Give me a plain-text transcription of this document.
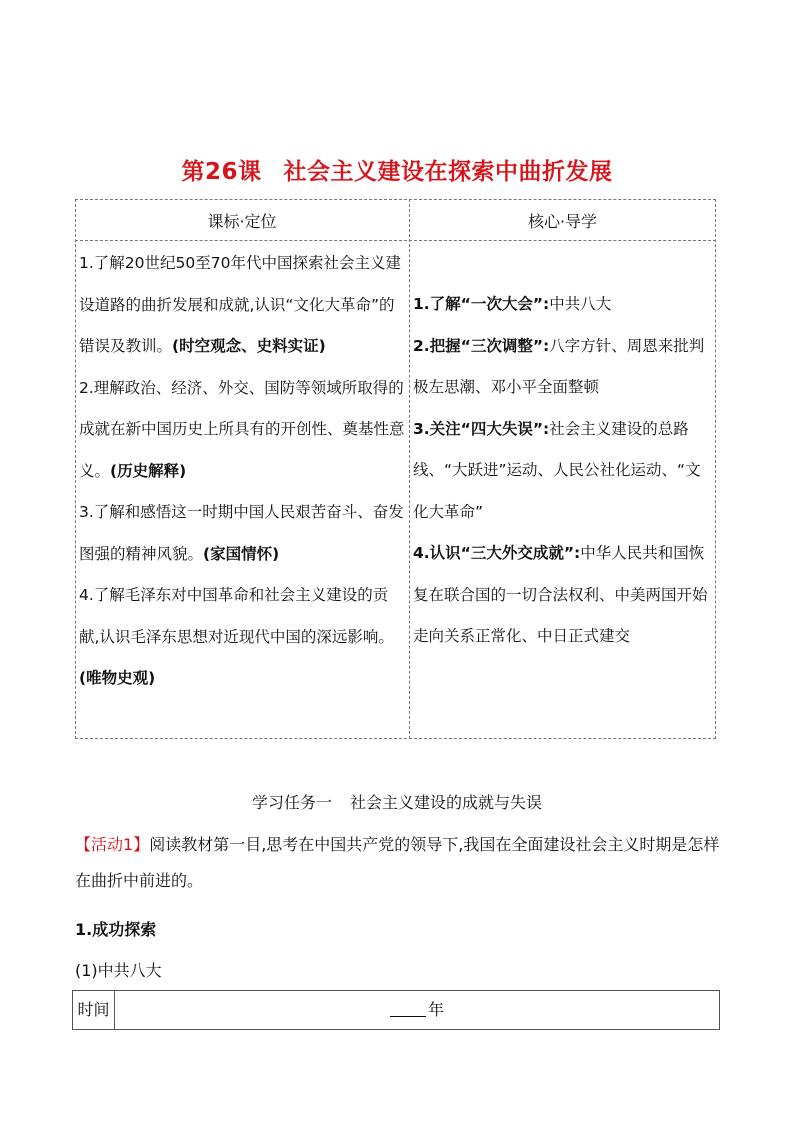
第26课 社会主义建设在探索中曲折发展
课标·定位	核心·导学

1.了解20世纪50至70年代中国探索社会主义建设道路的曲折发展和成就,认识“文化大革命”的错误及教训。(时空观念、史料实证)

2.理解政治、经济、外交、国防等领域所取得的成就在新中国历史上所具有的开创性、奠基性意义。(历史解释)

3.了解和感悟这一时期中国人民艰苦奋斗、奋发图强的精神风貌。(家国情怀)

4.了解毛泽东对中国革命和社会主义建设的贡献,认识毛泽东思想对近现代中国的深远影响。(唯物史观)

1.了解“一次大会”:中共八大

2.把握“三次调整”:八字方针、周恩来批判极左思潮、邓小平全面整顿

3.关注“四大失误”:社会主义建设的总路线、“大跃进”运动、人民公社化运动、“文化大革命”

4.认识“三大外交成就”:中华人民共和国恢复在联合国的一切合法权利、中美两国开始走向关系正常化、中日正式建交

学习任务一 社会主义建设的成就与失误
【活动1】阅读教材第一目,思考在中国共产党的领导下,我国在全面建设社会主义时期是怎样在曲折中前进的。
1.成功探索
(1)中共八大
时间	年
